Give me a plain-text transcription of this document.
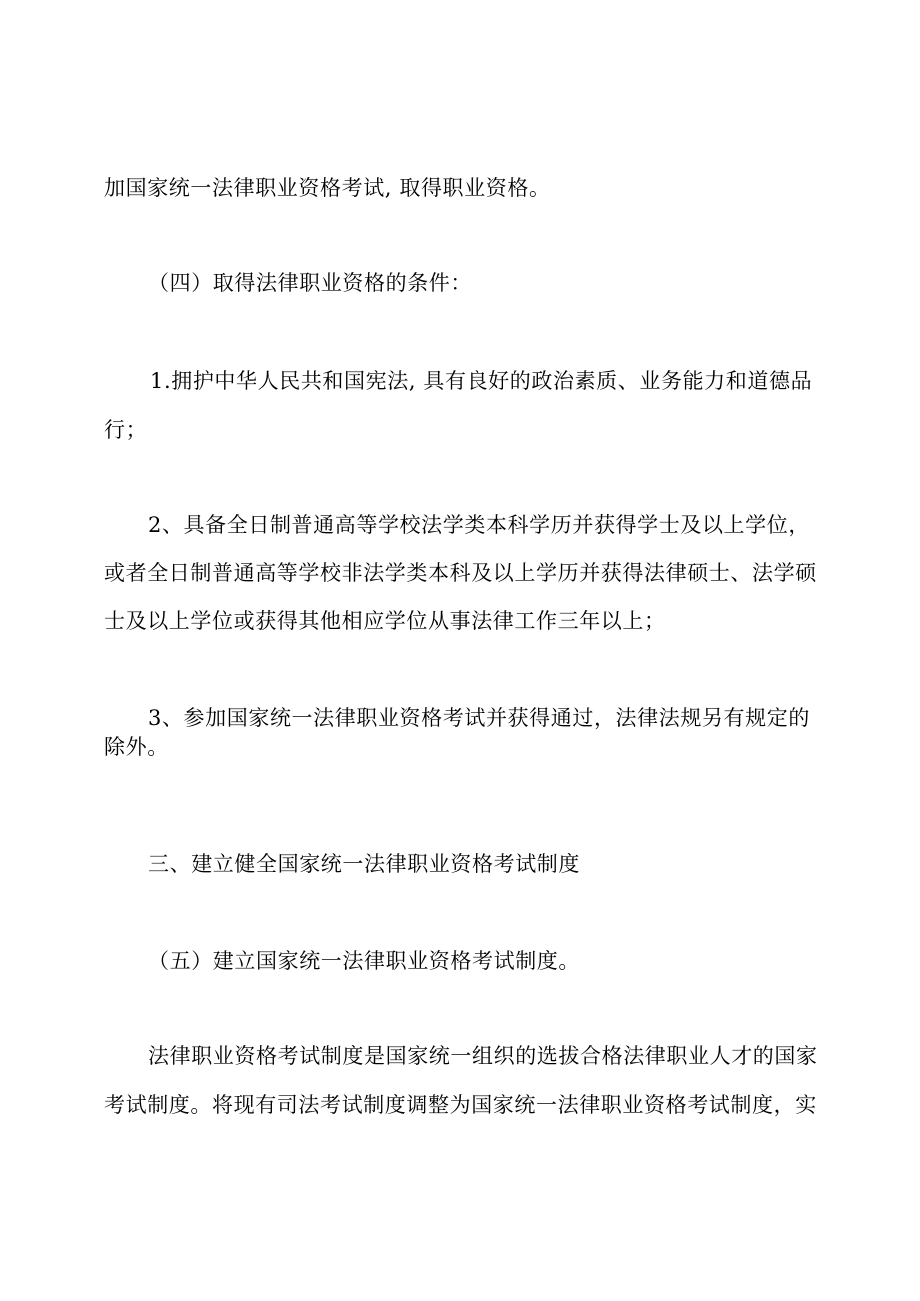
加国家统一法律职业资格考试, 取得职业资格。
（四）取得法律职业资格的条件：
1.拥护中华人民共和国宪法, 具有良好的政治素质、业务能力和道德品
行；
2、具备全日制普通高等学校法学类本科学历并获得学士及以上学位，
或者全日制普通高等学校非法学类本科及以上学历并获得法律硕士、法学硕
士及以上学位或获得其他相应学位从事法律工作三年以上；
3、参加国家统一法律职业资格考试并获得通过，法律法规另有规定的
除外。
三、建立健全国家统一法律职业资格考试制度
（五）建立国家统一法律职业资格考试制度。
法律职业资格考试制度是国家统一组织的选拔合格法律职业人才的国家
考试制度。将现有司法考试制度调整为国家统一法律职业资格考试制度，实
